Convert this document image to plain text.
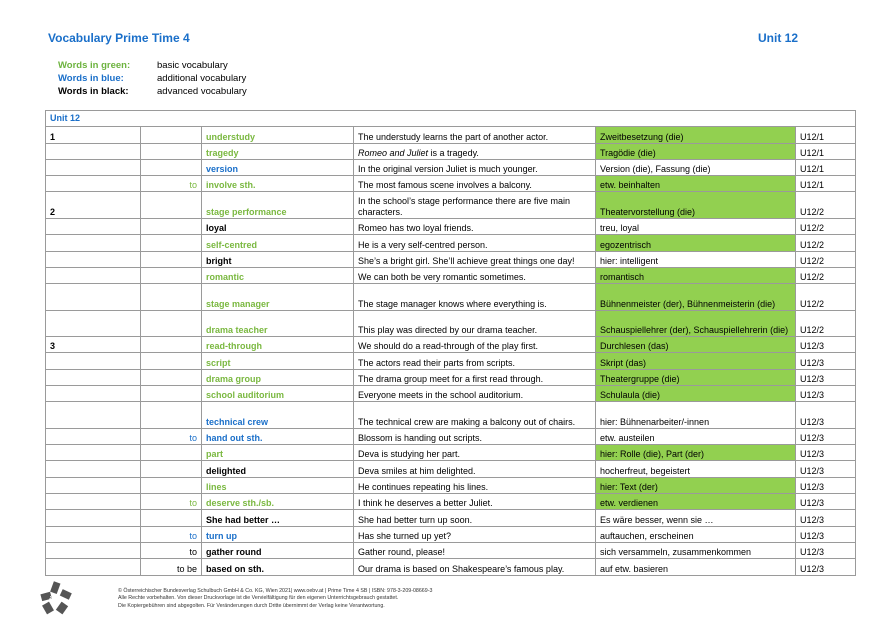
Vocabulary Prime Time 4	Unit 12
Words in green:	basic vocabulary
Words in blue:	additional vocabulary
Words in black:	advanced vocabulary
Unit 12					
1		understudy	The understudy learns the part of another actor.	Zweitbesetzung (die)	U12/1
		tragedy	Romeo and Juliet is a tragedy.	Tragödie (die)	U12/1
		version	In the original version Juliet is much younger.	Version (die), Fassung (die)	U12/1
	to	involve sth.	The most famous scene involves a balcony.	etw. beinhalten	U12/1
2		stage performance	In the school’s stage performance there are five main characters.	Theatervorstellung (die)	U12/2
		loyal	Romeo has two loyal friends.	treu, loyal	U12/2
		self-centred	He is a very self-centred person.	egozentrisch	U12/2
		bright	She’s a bright girl. She’ll achieve great things one day!	hier: intelligent	U12/2
		romantic	We can both be very romantic sometimes.	romantisch	U12/2
		stage manager	The stage manager knows where everything is.	Bühnenmeister (der), Bühnenmeisterin (die)	U12/2
		drama teacher	This play was directed by our drama teacher.	Schauspiellehrer (der), Schauspiellehrerin (die)	U12/2
3		read-through	We should do a read-through of the play first.	Durchlesen (das)	U12/3
		script	The actors read their parts from scripts.	Skript (das)	U12/3
		drama group	The drama group meet for a first read through.	Theatergruppe (die)	U12/3
		school auditorium	Everyone meets in the school auditorium.	Schulaula (die)	U12/3
		technical crew	The technical crew are making a balcony out of chairs.	hier: Bühnenarbeiter/-innen	U12/3
	to	hand out sth.	Blossom is handing out scripts.	etw. austeilen	U12/3
		part	Deva is studying her part.	hier: Rolle (die), Part (der)	U12/3
		delighted	Deva smiles at him delighted.	hocherfreut, begeistert	U12/3
		lines	He continues repeating his lines.	hier: Text (der)	U12/3
	to	deserve sth./sb.	I think he deserves a better Juliet.	etw. verdienen	U12/3
		She had better …	She had better turn up soon.	Es wäre besser, wenn sie …	U12/3
	to	turn up	Has she turned up yet?	auftauchen, erscheinen	U12/3
	to	gather round	Gather round, please!	sich versammeln, zusammenkommen	U12/3
	to be	based on sth.	Our drama is based on Shakespeare’s famous play.	auf etw. basieren	U12/3
öbv
© Österreichischer Bundesverlag Schulbuch GmbH & Co. KG, Wien 2021| www.oebv.at | Prime Time 4 SB | ISBN: 978-3-209-08669-3
Alle Rechte vorbehalten. Von dieser Druckvorlage ist die Vervielfältigung für den eigenen Unterrichtsgebrauch gestattet.
Die Kopiergebühren sind abgegolten. Für Veränderungen durch Dritte übernimmt der Verlag keine Verantwortung.
